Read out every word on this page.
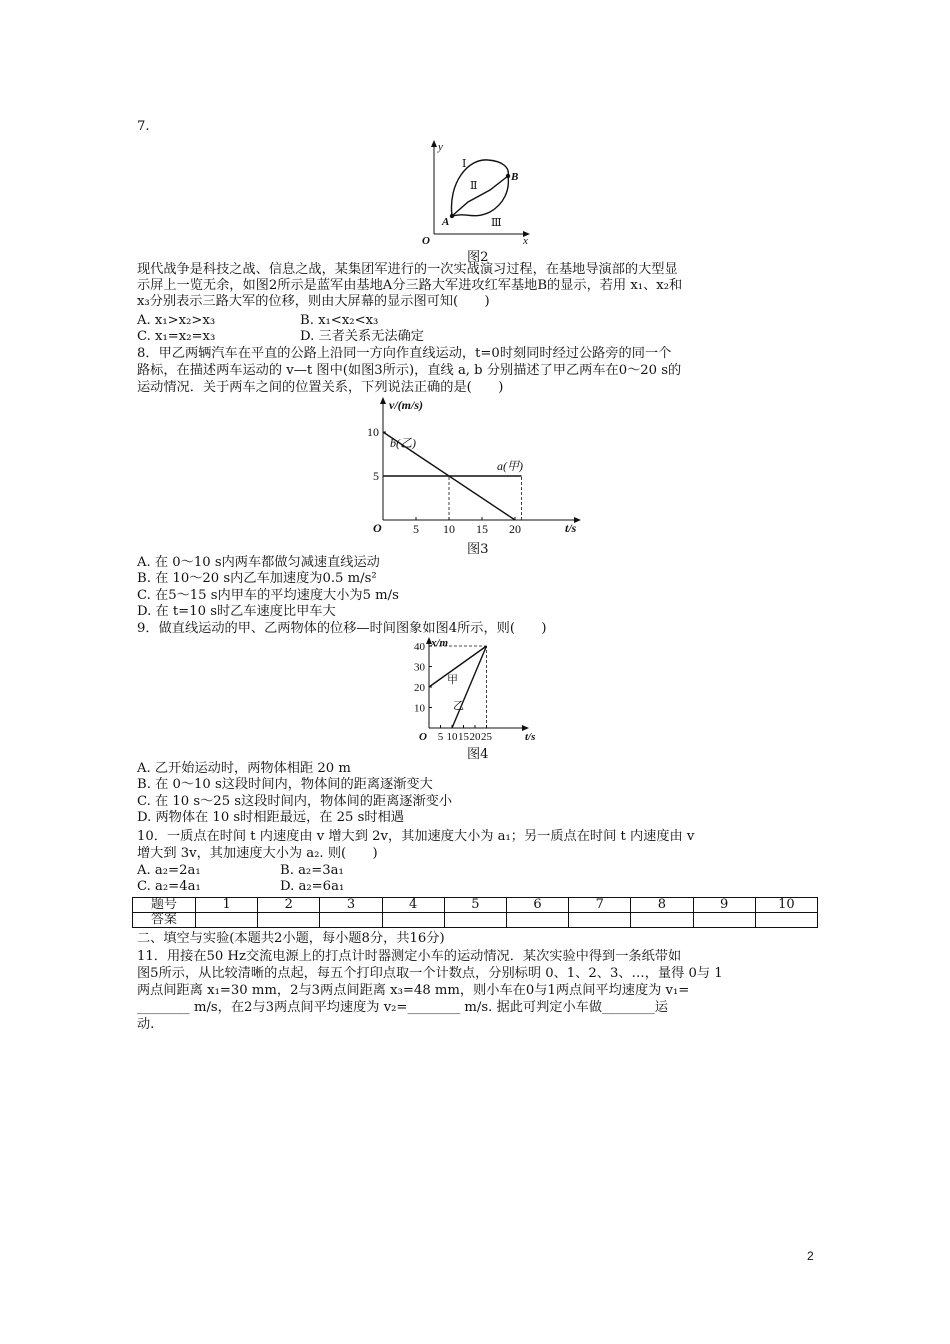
7.
y
x
O
A
B
Ⅰ
Ⅱ
Ⅲ
图2
现代战争是科技之战、信息之战，某集团军进行的一次实战演习过程，在基地导演部的大型显
示屏上一览无余，如图2所示是蓝军由基地A分三路大军进攻红军基地B的显示，若用 x₁、x₂和
x₃分别表示三路大军的位移，则由大屏幕的显示图可知(　　)
A. x₁>x₂>x₃	B. x₁<x₂<x₃
C. x₁=x₂=x₃	D. 三者关系无法确定
8．甲乙两辆汽车在平直的公路上沿同一方向作直线运动，t=0时刻同时经过公路旁的同一个
路标，在描述两车运动的 v—t 图中(如图3所示)，直线 a, b 分别描述了甲乙两车在0～20 s的
运动情况．关于两车之间的位置关系，下列说法正确的是(　　)
v/(m/s)
t/s
O
b(乙)
a(甲)
5 10 15 20
5
10
图3
A. 在 0～10 s内两车都做匀减速直线运动
B. 在 10～20 s内乙车加速度为0.5 m/s²
C. 在5～15 s内甲车的平均速度大小为5 m/s
D. 在 t=10 s时乙车速度比甲车大
9．做直线运动的甲、乙两物体的位移—时间图象如图4所示，则(　　)
x/m
t/s
O
甲
乙
5 10 15 20 25
10
20
30
40
图4
A. 乙开始运动时，两物体相距 20 m
B. 在 0～10 s这段时间内，物体间的距离逐渐变大
C. 在 10 s～25 s这段时间内，物体间的距离逐渐变小
D. 两物体在 10 s时相距最远，在 25 s时相遇
10．一质点在时间 t 内速度由 v 增大到 2v，其加速度大小为 a₁；另一质点在时间 t 内速度由 v
增大到 3v，其加速度大小为 a₂. 则(　　)
A. a₂=2a₁	B. a₂=3a₁
C. a₂=4a₁	D. a₂=6a₁
题号	1	2	3	4	5	6	7	8	9	10
答案										
二、填空与实验(本题共2小题，每小题8分，共16分)
11．用接在50 Hz交流电源上的打点计时器测定小车的运动情况．某次实验中得到一条纸带如
图5所示，从比较清晰的点起，每五个打印点取一个计数点，分别标明 0、1、2、3、…，量得 0与 1
两点间距离 x₁=30 mm，2与3两点间距离 x₃=48 mm，则小车在0与1两点间平均速度为 v₁=
________ m/s，在2与3两点间平均速度为 v₂=________ m/s. 据此可判定小车做________运
动.
2
